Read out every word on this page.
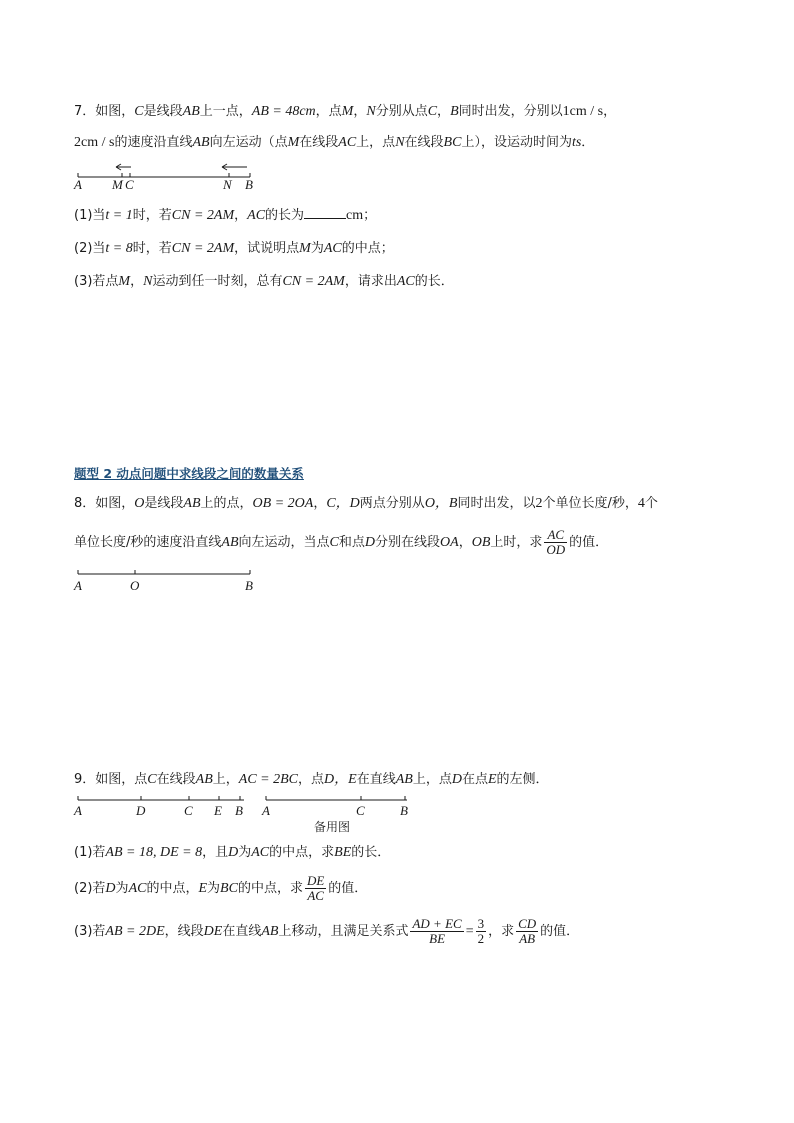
7．如图，C是线段AB上一点，AB = 48cm，点M，N分别从点C，B同时出发，分别以1cm / s，
2cm / s的速度沿直线AB向左运动（点M在线段AC上，点N在线段BC上），设运动时间为ts．
A M C	N B
(1)当t = 1时，若CN = 2AM，AC的长为	cm；
(2)当t = 8时，若CN = 2AM，试说明点M为AC的中点；
(3)若点M，N运动到任一时刻，总有CN = 2AM，请求出AC的长．
题型 2 动点问题中求线段之间的数量关系
8．如图，O是线段AB上的点，OB = 2OA，C，D两点分别从O，B同时出发，以2个单位长度/秒，4个
单位长度/秒的速度沿直线AB向左运动，当点C和点D分别在线段OA，OB上时，求 $\frac{AC}{OD}$ 的值．
A	O	B
9．如图，点C在线段AB上，AC = 2BC，点D，E在直线AB上，点D在点E的左侧．
A	D	C E B A	C	B
备用图
(1)若AB = 18, DE = 8，且D为AC的中点，求BE的长．
(2)若D为AC的中点，E为BC的中点，求 $\frac{DE}{AC}$ 的值．
(3)若AB = 2DE，线段DE在直线AB上移动，且满足关系式 $\frac{AD + EC}{BE} = \frac{3}{2}$ ，求 $\frac{CD}{AB}$ 的值．
